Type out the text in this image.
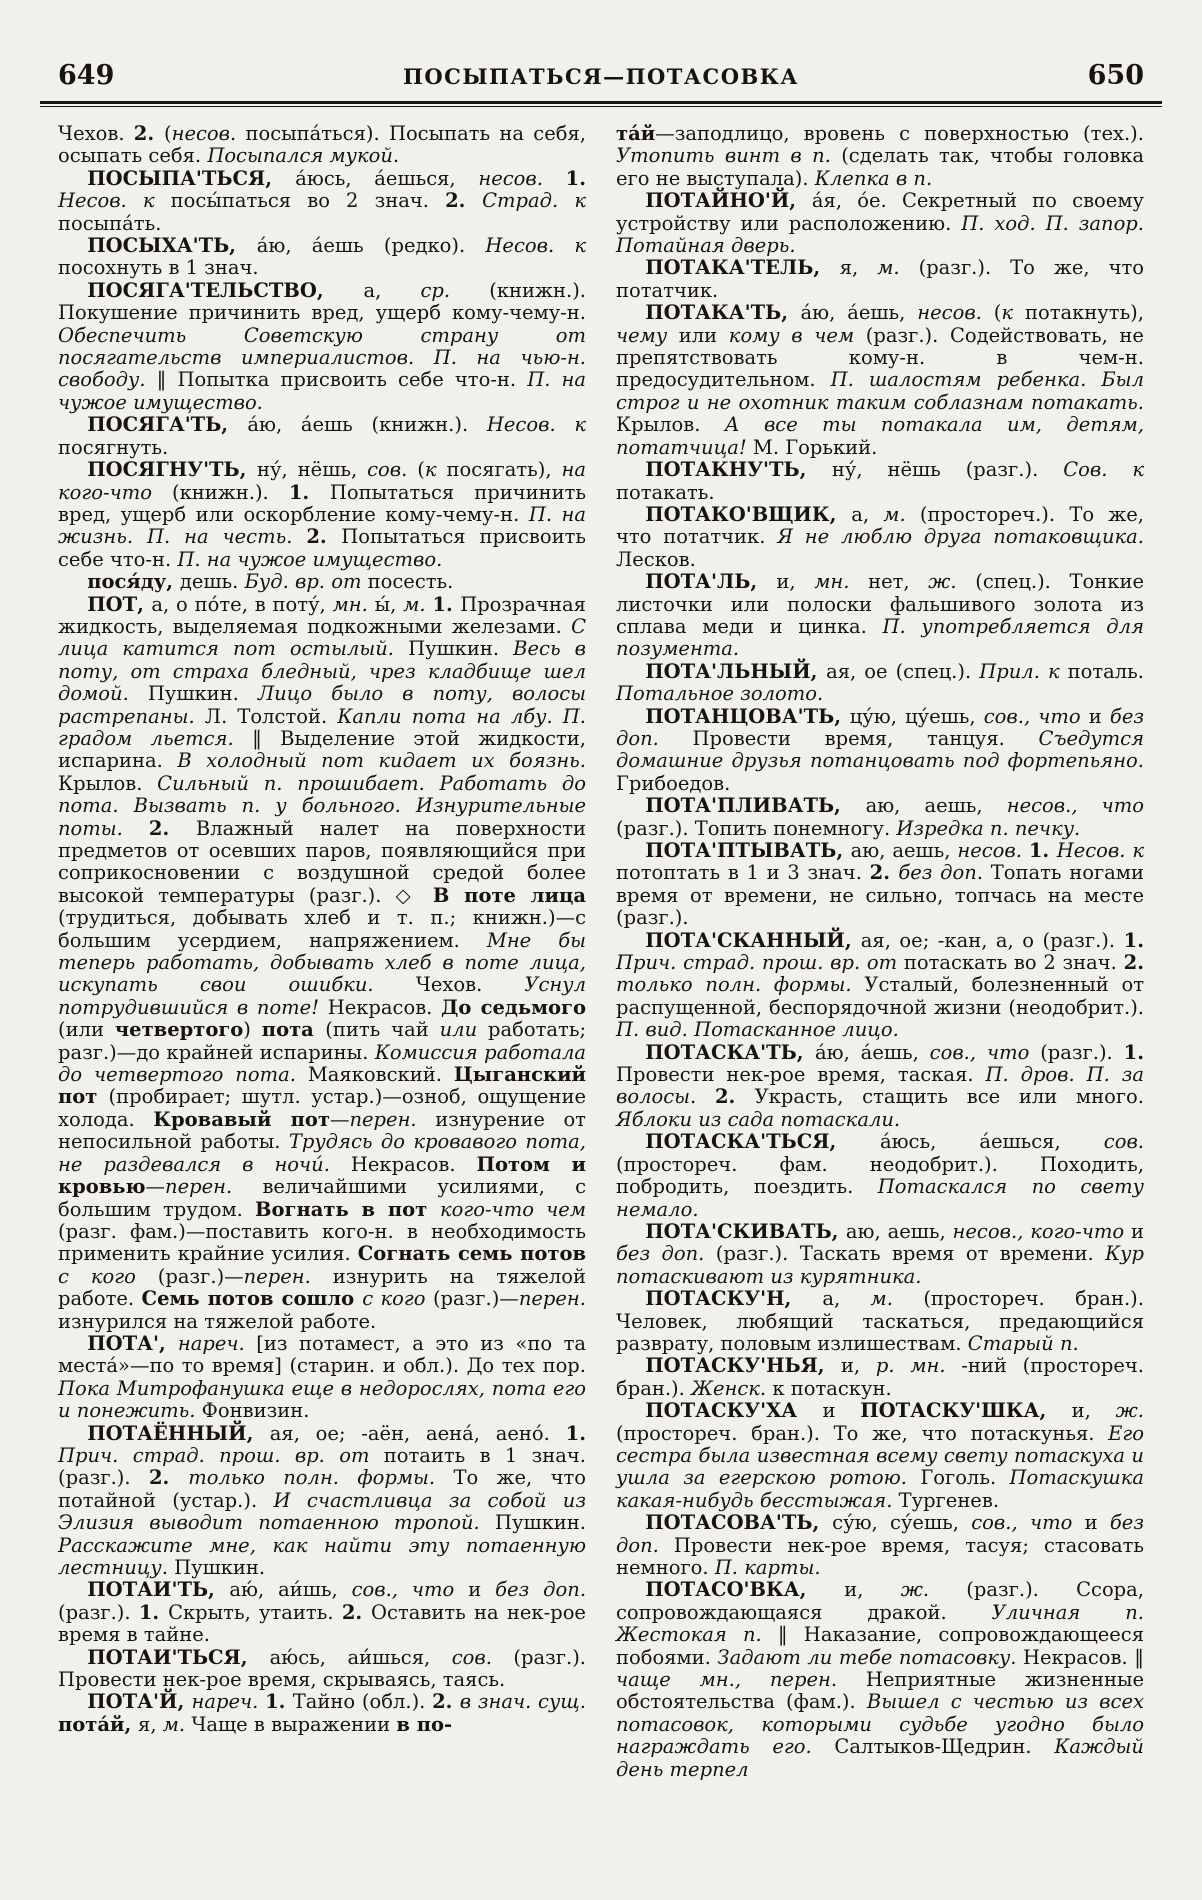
649	ПОСЫПАТЬСЯ—ПОТАСОВКА	650

Чехов. 2. (несов. посыпа́ться). Посыпать на себя, осыпать себя. Посыпался мукой.

ПОСЫПА'ТЬСЯ, а́юсь, а́ешься, несов. 1. Несов. к посы́паться во 2 знач. 2. Страд. к посыпа́ть.

ПОСЫХА'ТЬ, а́ю, а́ешь (редко). Несов. к посохнуть в 1 знач.

ПОСЯГА'ТЕЛЬСТВО, а, ср. (книжн.). Покушение причинить вред, ущерб кому-чему-н. Обеспечить Советскую страну от посягательств империалистов. П. на чью-н. свободу. ‖ Попытка присвоить себе что-н. П. на чужое имущество.

ПОСЯГА'ТЬ, а́ю, а́ешь (книжн.). Несов. к посягнуть.

ПОСЯГНУ'ТЬ, ну́, нёшь, сов. (к посягать), на кого-что (книжн.). 1. Попытаться причинить вред, ущерб или оскорбление кому-чему-н. П. на жизнь. П. на честь. 2. Попытаться присвоить себе что-н. П. на чужое имущество.

пося́ду, дешь. Буд. вр. от посесть.

ПОТ, а, о по́те, в поту́, мн. ы́, м. 1. Прозрачная жидкость, выделяемая подкожными железами. С лица катится пот остылый. Пушкин. Весь в поту, от страха бледный, чрез кладбище шел домой. Пушкин. Лицо было в поту, волосы растрепаны. Л. Толстой. Капли пота на лбу. П. градом льется. ‖ Выделение этой жидкости, испарина. В холодный пот кидает их боязнь. Крылов. Сильный п. прошибает. Работать до пота. Вызвать п. у больного. Изнурительные поты. 2. Влажный налет на поверхности предметов от осевших паров, появляющийся при соприкосновении с воздушной средой более высокой температуры (разг.). ◇ В поте лица (трудиться, добывать хлеб и т. п.; книжн.)—с большим усердием, напряжением. Мне бы теперь работать, добывать хлеб в поте лица, искупать свои ошибки. Чехов. Уснул потрудившийся в поте! Некрасов. До седьмого (или четвертого) пота (пить чай или работать; разг.)—до крайней испарины. Комиссия работала до четвертого пота. Маяковский. Цыганский пот (пробирает; шутл. устар.)—озноб, ощущение холода. Кровавый пот—перен. изнурение от непосильной работы. Трудясь до кровавого пота, не раздевался в ночи́. Некрасов. Потом и кровью—перен. величайшими усилиями, с большим трудом. Вогнать в пот кого-что чем (разг. фам.)—поставить кого-н. в необходимость применить крайние усилия. Согнать семь потов с кого (разг.)—перен. изнурить на тяжелой работе. Семь потов сошло с кого (разг.)—перен. изнурился на тяжелой работе.

ПОТА', нареч. [из потамест, а это из «по та места́»—по то время] (старин. и обл.). До тех пор. Пока Митрофанушка еще в недорослях, пота его и понежить. Фонвизин.

ПОТАЁННЫЙ, ая, ое; -аён, аена́, аено́. 1. Прич. страд. прош. вр. от потаить в 1 знач. (разг.). 2. только полн. формы. То же, что потайной (устар.). И счастливца за собой из Элизия выводит потаенною тропой. Пушкин. Расскажите мне, как найти эту потаенную лестницу. Пушкин.

ПОТАИ'ТЬ, аю́, аи́шь, сов., что и без доп. (разг.). 1. Скрыть, утаить. 2. Оставить на нек-рое время в тайне.

ПОТАИ'ТЬСЯ, аю́сь, аи́шься, сов. (разг.). Провести нек-рое время, скрываясь, таясь.

ПОТА'Й, нареч. 1. Тайно (обл.). 2. в знач. сущ. пота́й, я, м. Чаще в выражении в по-

та́й—заподлицо, вровень с поверхностью (тех.). Утопить винт в п. (сделать так, чтобы головка его не выступала). Клепка в п.

ПОТАЙНО'Й, а́я, о́е. Секретный по своему устройству или расположению. П. ход. П. запор. Потайная дверь.

ПОТАКА'ТЕЛЬ, я, м. (разг.). То же, что потатчик.

ПОТАКА'ТЬ, а́ю, а́ешь, несов. (к потакнуть), чему или кому в чем (разг.). Содействовать, не препятствовать кому-н. в чем-н. предосудительном. П. шалостям ребенка. Был строг и не охотник таким соблазнам потакать. Крылов. А все ты потакала им, детям, потатчица! М. Горький.

ПОТАКНУ'ТЬ, ну́, нёшь (разг.). Сов. к потакать.

ПОТАКО'ВЩИК, а, м. (простореч.). То же, что потатчик. Я не люблю друга потаковщика. Лесков.

ПОТА'ЛЬ, и, мн. нет, ж. (спец.). Тонкие листочки или полоски фальшивого золота из сплава меди и цинка. П. употребляется для позумента.

ПОТА'ЛЬНЫЙ, ая, ое (спец.). Прил. к поталь. Потальное золото.

ПОТАНЦОВА'ТЬ, цу́ю, цу́ешь, сов., что и без доп. Провести время, танцуя. Съедутся домашние друзья потанцовать под фортепьяно. Грибоедов.

ПОТА'ПЛИВАТЬ, аю, аешь, несов., что (разг.). Топить понемногу. Изредка п. печку.

ПОТА'ПТЫВАТЬ, аю, аешь, несов. 1. Несов. к потоптать в 1 и 3 знач. 2. без доп. Топать ногами время от времени, не сильно, топчась на месте (разг.).

ПОТА'СКАННЫЙ, ая, ое; -кан, а, о (разг.). 1. Прич. страд. прош. вр. от потаскать во 2 знач. 2. только полн. формы. Усталый, болезненный от распущенной, беспорядочной жизни (неодобрит.). П. вид. Потасканное лицо.

ПОТАСКА'ТЬ, а́ю, а́ешь, сов., что (разг.). 1. Провести нек-рое время, таская. П. дров. П. за волосы. 2. Украсть, стащить все или много. Яблоки из сада потаскали.

ПОТАСКА'ТЬСЯ, а́юсь, а́ешься, сов. (простореч. фам. неодобрит.). Походить, побродить, поездить. Потаскался по свету немало.

ПОТА'СКИВАТЬ, аю, аешь, несов., кого-что и без доп. (разг.). Таскать время от времени. Кур потаскивают из курятника.

ПОТАСКУ'Н, а, м. (простореч. бран.). Человек, любящий таскаться, предающийся разврату, половым излишествам. Старый п.

ПОТАСКУ'НЬЯ, и, р. мн. -ний (простореч. бран.). Женск. к потаскун.

ПОТАСКУ'ХА и ПОТАСКУ'ШКА, и, ж. (простореч. бран.). То же, что потаскунья. Его сестра была известная всему свету потаскуха и ушла за егерскою ротою. Гоголь. Потаскушка какая-нибудь бесстыжая. Тургенев.

ПОТАСОВА'ТЬ, су́ю, су́ешь, сов., что и без доп. Провести нек-рое время, тасуя; стасовать немного. П. карты.

ПОТАСО'ВКА, и, ж. (разг.). Ссора, сопровождающаяся дракой. Уличная п. Жестокая п. ‖ Наказание, сопровождающееся побоями. Задают ли тебе потасовку. Некрасов. ‖ чаще мн., перен. Неприятные жизненные обстоятельства (фам.). Вышел с честью из всех потасовок, которыми судьбе угодно было награждать его. Салтыков-Щедрин. Каждый день терпел
